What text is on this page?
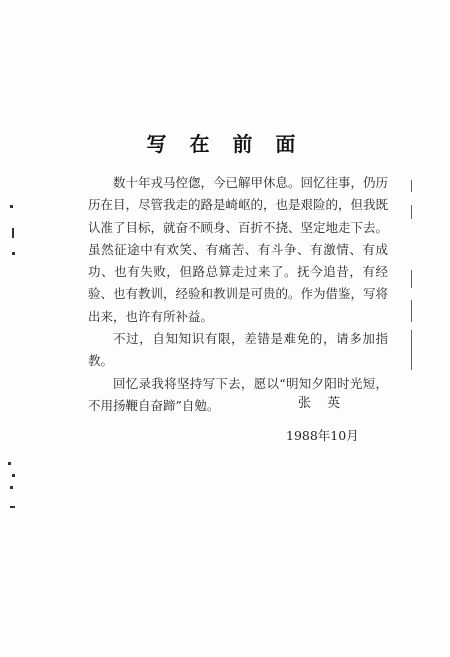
写 在 前 面

数十年戎马倥偬，今已解甲休息。回忆往事，仍历历在目，尽管我走的路是崎岖的，也是艰险的，但我既认准了目标，就奋不顾身、百折不挠、坚定地走下去。虽然征途中有欢笑、有痛苦、有斗争、有激情、有成功、也有失败，但路总算走过来了。抚今追昔，有经验、也有教训，经验和教训是可贵的。作为借鉴，写将出来，也许有所补益。

不过，自知知识有限，差错是难免的，请多加指教。

回忆录我将坚持写下去，愿以“明知夕阳时光短，不用扬鞭自奋蹄”自勉。	张 英
1988年10月
